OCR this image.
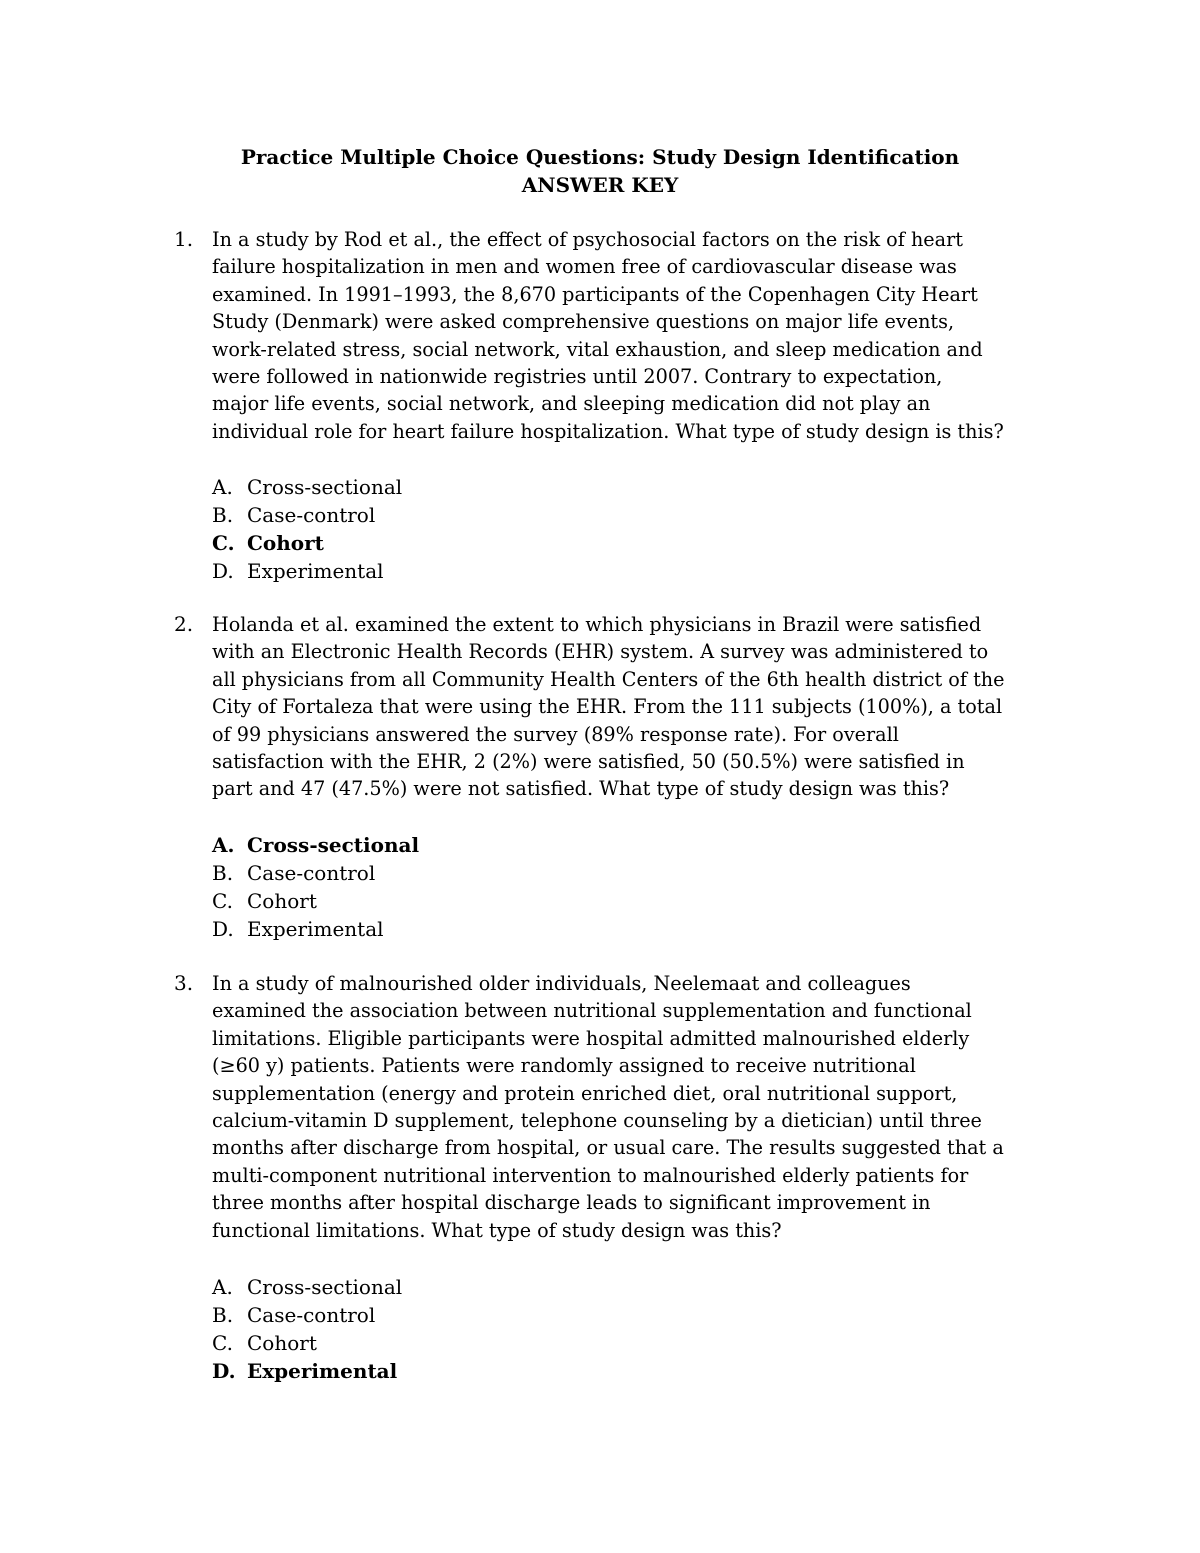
Practice Multiple Choice Questions: Study Design Identification
ANSWER KEY
1. In a study by Rod et al., the effect of psychosocial factors on the risk of heart
failure hospitalization in men and women free of cardiovascular disease was
examined. In 1991–1993, the 8,670 participants of the Copenhagen City Heart
Study (Denmark) were asked comprehensive questions on major life events,
work-related stress, social network, vital exhaustion, and sleep medication and
were followed in nationwide registries until 2007. Contrary to expectation,
major life events, social network, and sleeping medication did not play an
individual role for heart failure hospitalization. What type of study design is this?
A. Cross-sectional
B. Case-control
C. Cohort
D. Experimental
2. Holanda et al. examined the extent to which physicians in Brazil were satisfied
with an Electronic Health Records (EHR) system. A survey was administered to
all physicians from all Community Health Centers of the 6th health district of the
City of Fortaleza that were using the EHR. From the 111 subjects (100%), a total
of 99 physicians answered the survey (89% response rate). For overall
satisfaction with the EHR, 2 (2%) were satisfied, 50 (50.5%) were satisfied in
part and 47 (47.5%) were not satisfied. What type of study design was this?
A. Cross-sectional
B. Case-control
C. Cohort
D. Experimental
3. In a study of malnourished older individuals, Neelemaat and colleagues
examined the association between nutritional supplementation and functional
limitations. Eligible participants were hospital admitted malnourished elderly
(≥60 y) patients. Patients were randomly assigned to receive nutritional
supplementation (energy and protein enriched diet, oral nutritional support,
calcium-vitamin D supplement, telephone counseling by a dietician) until three
months after discharge from hospital, or usual care. The results suggested that a
multi-component nutritional intervention to malnourished elderly patients for
three months after hospital discharge leads to significant improvement in
functional limitations. What type of study design was this?
A. Cross-sectional
B. Case-control
C. Cohort
D. Experimental
